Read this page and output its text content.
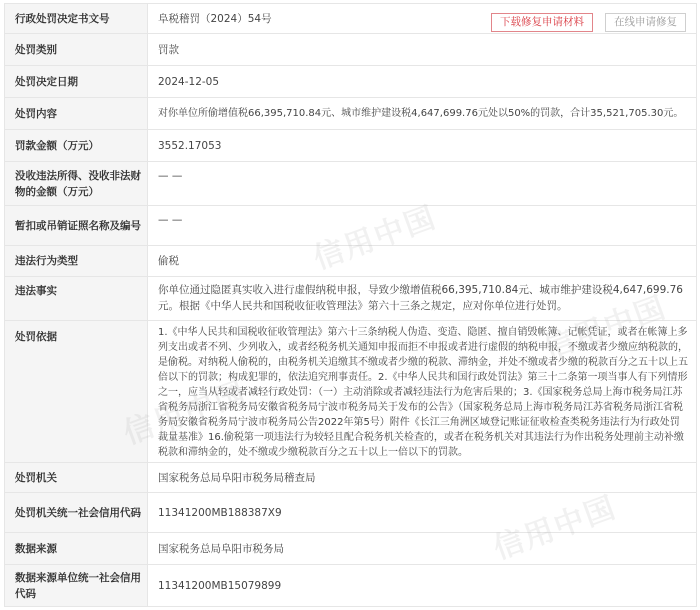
行政处罚决定书文号	阜税稽罚（2024）54号
处罚类别	罚款
处罚决定日期	2024-12-05
处罚内容	对你单位所偷增值税66,395,710.84元、城市维护建设税4,647,699.76元处以50%的罚款，合计35,521,705.30元。
罚款金额（万元）	3552.17053
没收违法所得、没收非法财物的金额（万元）	— —
暂扣或吊销证照名称及编号	— —
违法行为类型	偷税
违法事实	你单位通过隐匿真实收入进行虚假纳税申报，导致少缴增值税66,395,710.84元、城市维护建设税4,647,699.76元。根据《中华人民共和国税收征收管理法》第六十三条之规定，应对你单位进行处罚。
处罚依据	1.《中华人民共和国税收征收管理法》第六十三条纳税人伪造、变造、隐匿、擅自销毁帐簿、记帐凭证，或者在帐簿上多列支出或者不列、少列收入，或者经税务机关通知申报而拒不申报或者进行虚假的纳税申报，不缴或者少缴应纳税款的，是偷税。对纳税人偷税的，由税务机关追缴其不缴或者少缴的税款、滞纳金，并处不缴或者少缴的税款百分之五十以上五倍以下的罚款；构成犯罪的，依法追究刑事责任。2.《中华人民共和国行政处罚法》第三十二条第一项当事人有下列情形之一，应当从轻或者减轻行政处罚：（一）主动消除或者减轻违法行为危害后果的；3.《国家税务总局上海市税务局江苏省税务局浙江省税务局安徽省税务局宁波市税务局关于发布的公告》（国家税务总局上海市税务局江苏省税务局浙江省税务局安徽省税务局宁波市税务局公告2022年第5号）附件《长江三角洲区域登记账证征收检查类税务违法行为行政处罚裁量基准》16.偷税第一项违法行为较轻且配合税务机关检查的，或者在税务机关对其违法行为作出税务处理前主动补缴税款和滞纳金的，处不缴或少缴税款百分之五十以上一倍以下的罚款。
处罚机关	国家税务总局阜阳市税务局稽查局
处罚机关统一社会信用代码	11341200MB188387X9
数据来源	国家税务总局阜阳市税务局
数据来源单位统一社会信用代码	11341200MB15079899
下载修复申请材料	在线申请修复
